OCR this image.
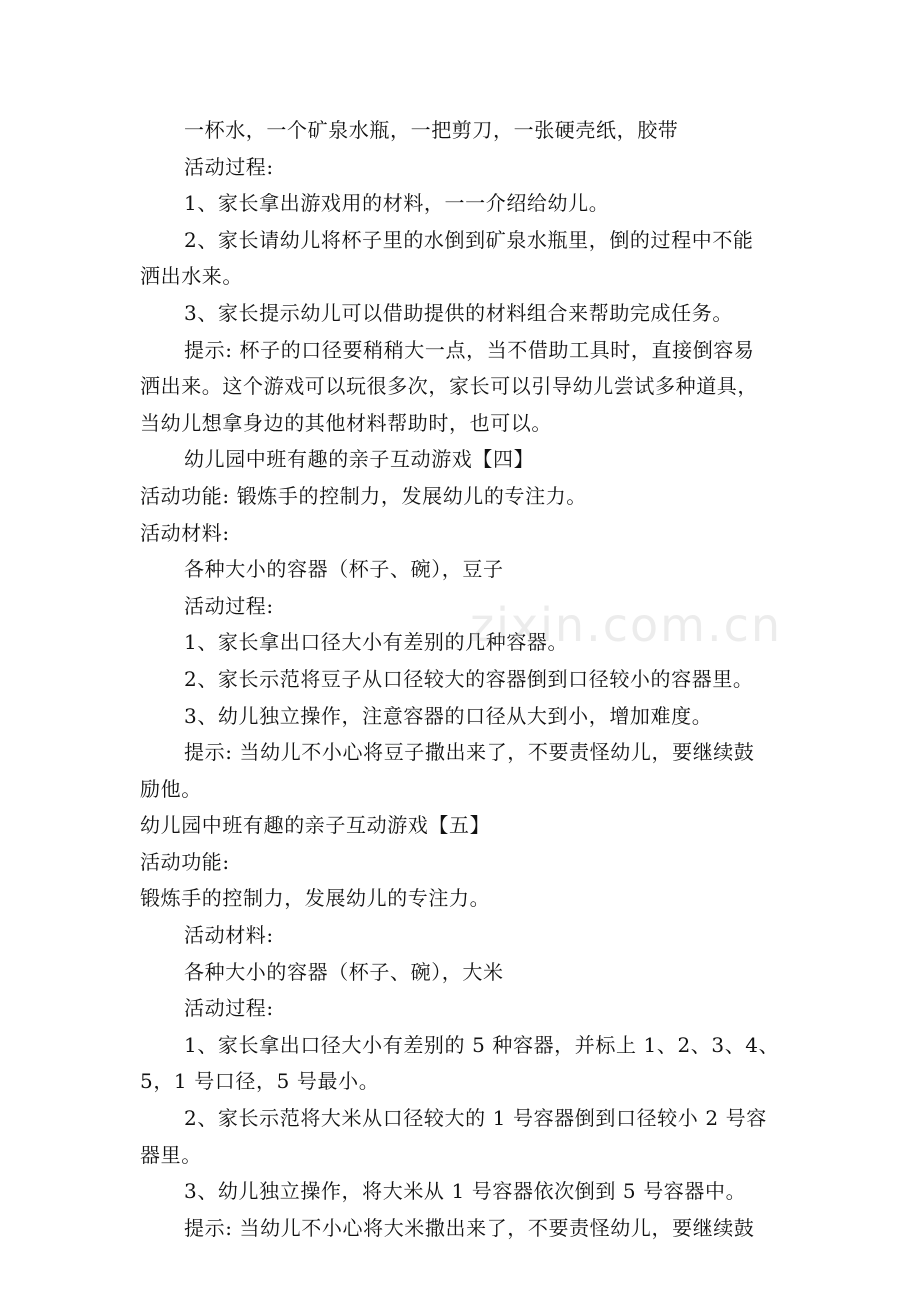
一杯水，一个矿泉水瓶，一把剪刀，一张硬壳纸，胶带
活动过程:
1、家长拿出游戏用的材料，一一介绍给幼儿。
2、家长请幼儿将杯子里的水倒到矿泉水瓶里，倒的过程中不能
洒出水来。
3、家长提示幼儿可以借助提供的材料组合来帮助完成任务。
提示: 杯子的口径要稍稍大一点，当不借助工具时，直接倒容易
洒出来。这个游戏可以玩很多次，家长可以引导幼儿尝试多种道具，
当幼儿想拿身边的其他材料帮助时，也可以。
幼儿园中班有趣的亲子互动游戏【四】
活动功能: 锻炼手的控制力，发展幼儿的专注力。
活动材料:
各种大小的容器（杯子、碗），豆子
活动过程:
1、家长拿出口径大小有差别的几种容器。
2、家长示范将豆子从口径较大的容器倒到口径较小的容器里。
3、幼儿独立操作，注意容器的口径从大到小，增加难度。
提示: 当幼儿不小心将豆子撒出来了，不要责怪幼儿，要继续鼓
励他。
幼儿园中班有趣的亲子互动游戏【五】
活动功能:
锻炼手的控制力，发展幼儿的专注力。
活动材料:
各种大小的容器（杯子、碗），大米
活动过程:
1、家长拿出口径大小有差别的 5 种容器，并标上 1、2、3、4、
5，1 号口径，5 号最小。
2、家长示范将大米从口径较大的 1 号容器倒到口径较小 2 号容
器里。
3、幼儿独立操作，将大米从 1 号容器依次倒到 5 号容器中。
提示: 当幼儿不小心将大米撒出来了，不要责怪幼儿，要继续鼓
zixin.com.cn
